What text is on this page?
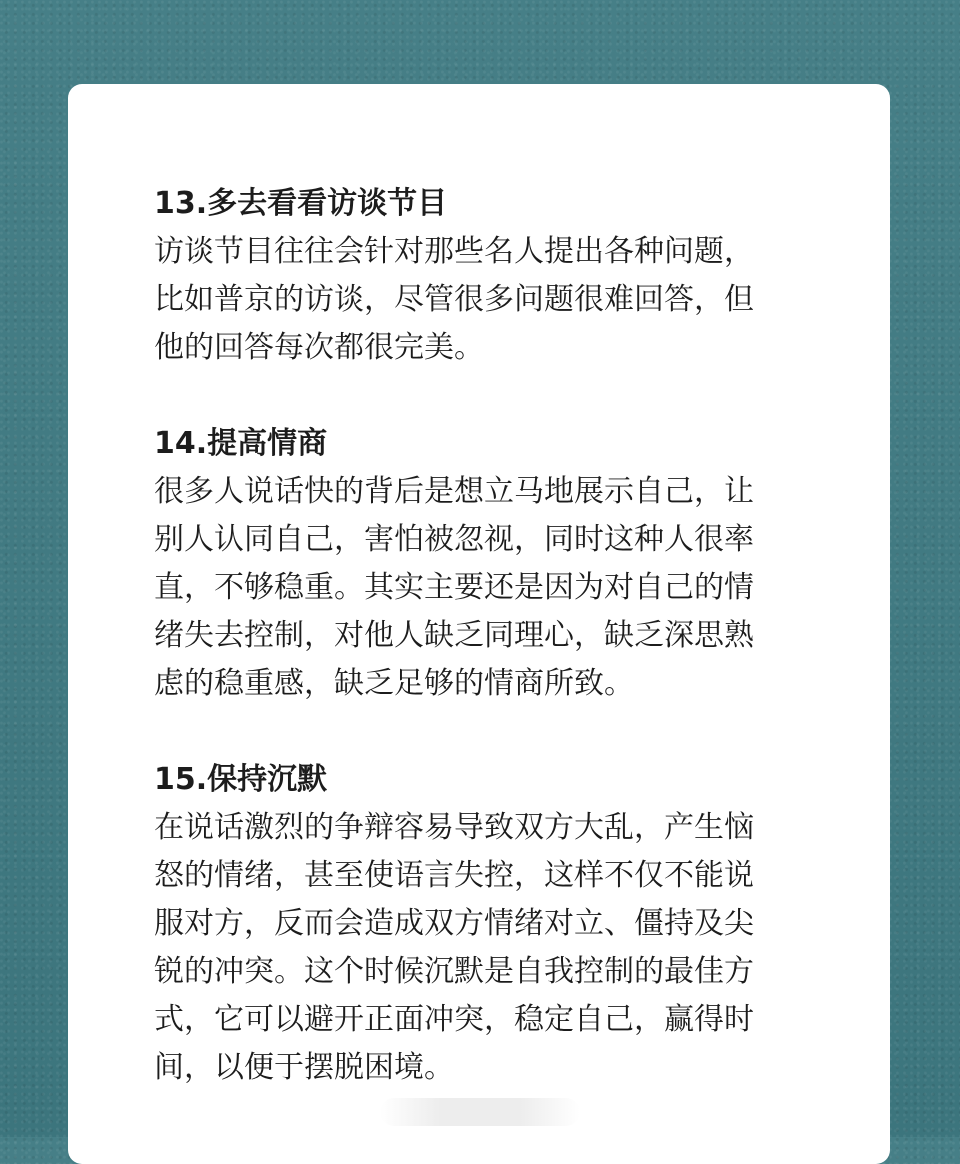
13.多去看看访谈节目

访谈节目往往会针对那些名人提出各种问题，
比如普京的访谈，尽管很多问题很难回答，但
他的回答每次都很完美。

14.提高情商

很多人说话快的背后是想立马地展示自己，让
别人认同自己，害怕被忽视，同时这种人很率
直，不够稳重。其实主要还是因为对自己的情
绪失去控制，对他人缺乏同理心，缺乏深思熟
虑的稳重感，缺乏足够的情商所致。

15.保持沉默

在说话激烈的争辩容易导致双方大乱，产生恼
怒的情绪，甚至使语言失控，这样不仅不能说
服对方，反而会造成双方情绪对立、僵持及尖
锐的冲突。这个时候沉默是自我控制的最佳方
式，它可以避开正面冲突，稳定自己，赢得时
间，以便于摆脱困境。
